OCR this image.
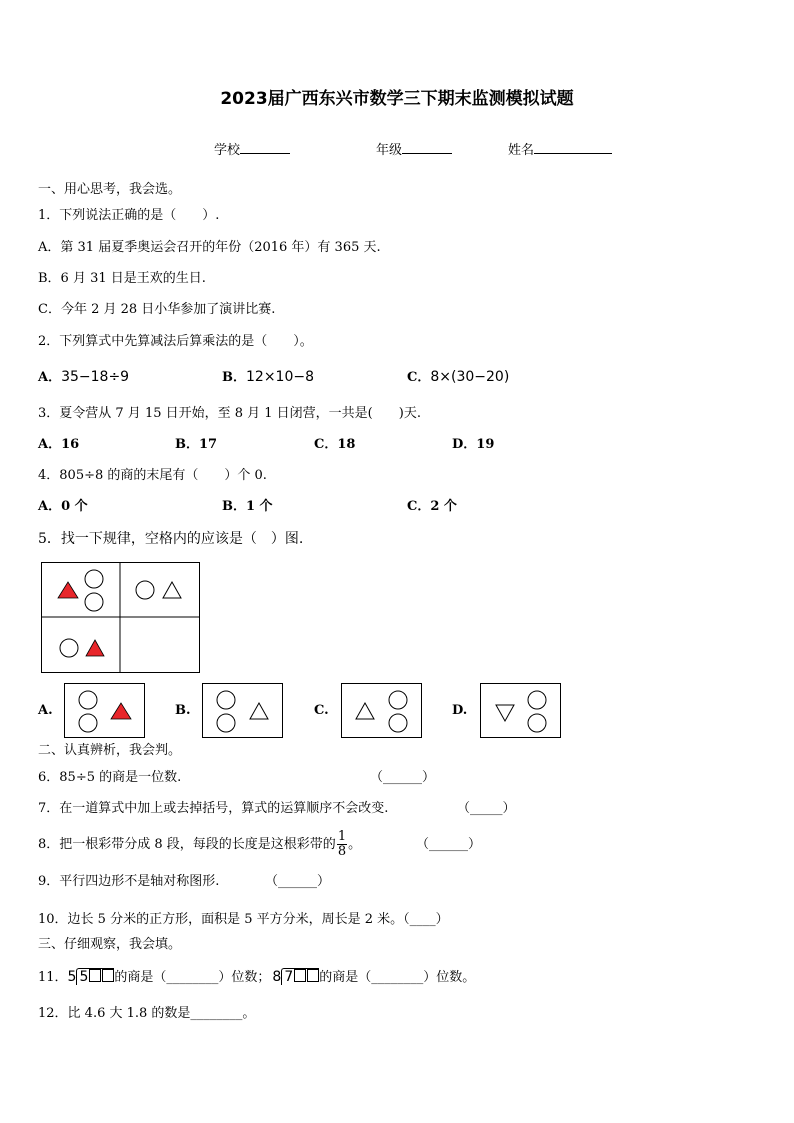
2023届广西东兴市数学三下期末监测模拟试题
学校	年级	姓名
一、用心思考，我会选。
1．下列说法正确的是（　　）.
A．第 31 届夏季奥运会召开的年份（2016 年）有 365 天.
B．6 月 31 日是王欢的生日.
C．今年 2 月 28 日小华参加了演讲比赛.
2．下列算式中先算减法后算乘法的是（　　）。
A．35−18÷9	B．12×10−8	C．8×(30−20)
3．夏令营从 7 月 15 日开始，至 8 月 1 日闭营，一共是(　　)天.
A．16	B．17	C．18	D．19
4．805÷8 的商的末尾有（　　）个 0.
A．0 个	B．1 个	C．2 个
5．找一下规律，空格内的应该是（　）图.
A.	B.	C.	D.
二、认真辨析，我会判。
6．85÷5 的商是一位数.	（______）
7．在一道算式中加上或去掉括号，算式的运算顺序不会改变.	（_____）
8．把一根彩带分成 8 段，每段的长度是这根彩带的 $\frac{1}{8}$ 。	（______）
9．平行四边形不是轴对称图形.	（______）
10．边长 5 分米的正方形，面积是 5 平方分米，周长是 2 米。（____）
三、仔细观察，我会填。
11．5 5 的商是（________）位数； 8 7 的商是（________）位数。
12．比 4.6 大 1.8 的数是________。
